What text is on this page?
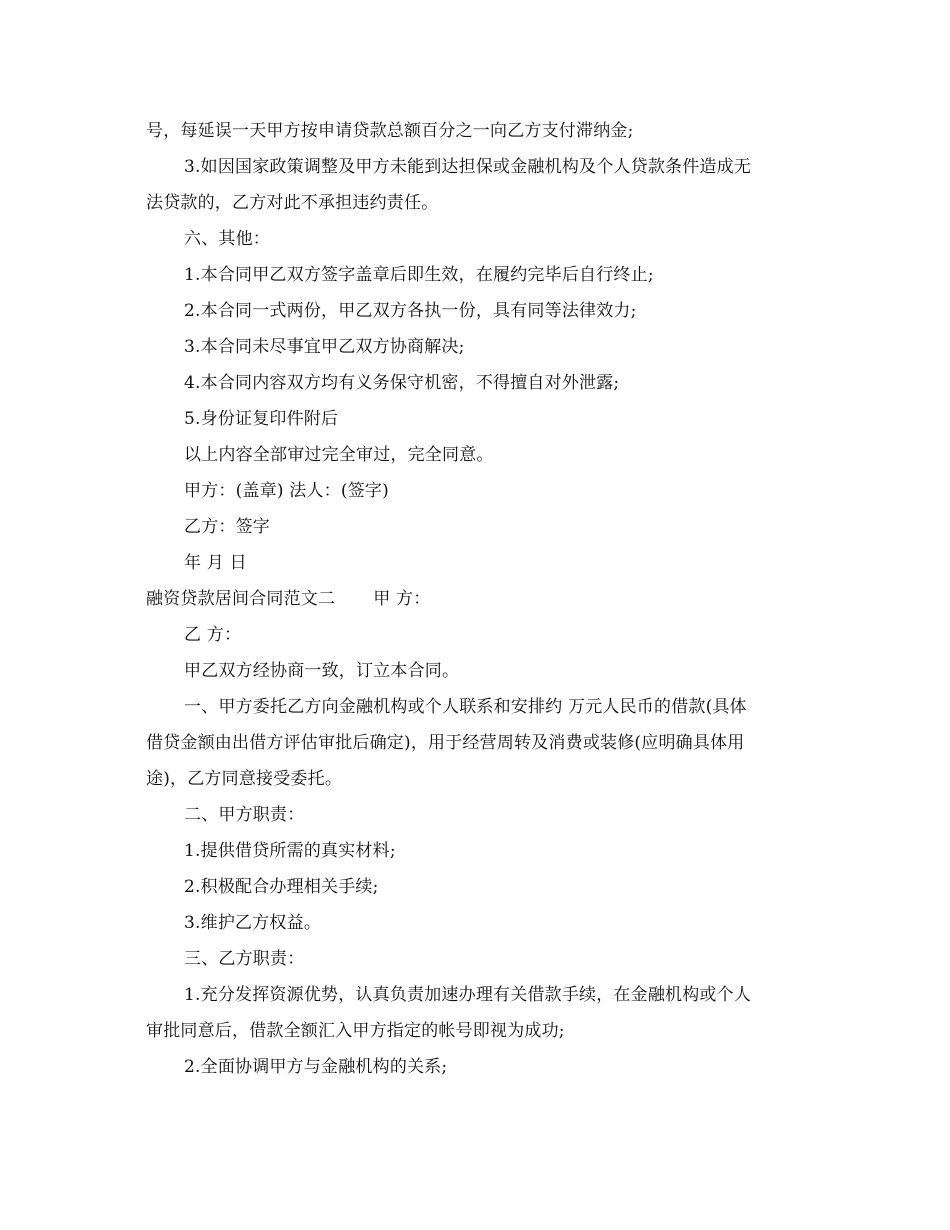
号，每延误一天甲方按申请贷款总额百分之一向乙方支付滞纳金;
3.如因国家政策调整及甲方未能到达担保或金融机构及个人贷款条件造成无
法贷款的，乙方对此不承担违约责任。
六、其他：
1.本合同甲乙双方签字盖章后即生效，在履约完毕后自行终止;
2.本合同一式两份，甲乙双方各执一份，具有同等法律效力;
3.本合同未尽事宜甲乙双方协商解决;
4.本合同内容双方均有义务保守机密，不得擅自对外泄露;
5.身份证复印件附后
以上内容全部审过完全审过，完全同意。
甲方：(盖章) 法人：(签字)
乙方：签字
年 月 日
融资贷款居间合同范文二 甲 方：
乙 方：
甲乙双方经协商一致，订立本合同。
一、甲方委托乙方向金融机构或个人联系和安排约 万元人民币的借款(具体
借贷金额由出借方评估审批后确定)，用于经营周转及消费或装修(应明确具体用
途)，乙方同意接受委托。
二、甲方职责：
1.提供借贷所需的真实材料;
2.积极配合办理相关手续;
3.维护乙方权益。
三、乙方职责：
1.充分发挥资源优势，认真负责加速办理有关借款手续，在金融机构或个人
审批同意后，借款全额汇入甲方指定的帐号即视为成功;
2.全面协调甲方与金融机构的关系;
